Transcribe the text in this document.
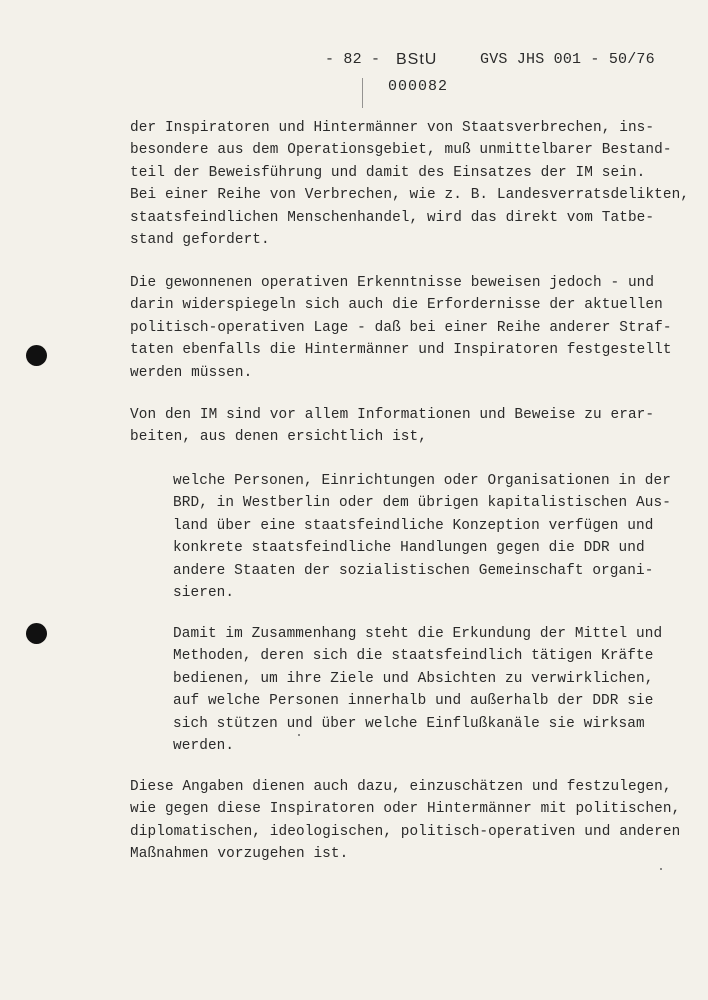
- 82 - BStU	GVS JHS 001 - 50/76
000082
der Inspiratoren und Hintermänner von Staatsverbrechen, ins-
besondere aus dem Operationsgebiet, muß unmittelbarer Bestand-
teil der Beweisführung und damit des Einsatzes der IM sein.
Bei einer Reihe von Verbrechen, wie z. B. Landesverratsdelikten,
staatsfeindlichen Menschenhandel, wird das direkt vom Tatbe-
stand gefordert.
Die gewonnenen operativen Erkenntnisse beweisen jedoch - und
darin widerspiegeln sich auch die Erfordernisse der aktuellen
politisch-operativen Lage - daß bei einer Reihe anderer Straf-
taten ebenfalls die Hintermänner und Inspiratoren festgestellt
werden müssen.
Von den IM sind vor allem Informationen und Beweise zu erar-
beiten, aus denen ersichtlich ist,
welche Personen, Einrichtungen oder Organisationen in der
BRD, in Westberlin oder dem übrigen kapitalistischen Aus-
land über eine staatsfeindliche Konzeption verfügen und
konkrete staatsfeindliche Handlungen gegen die DDR und
andere Staaten der sozialistischen Gemeinschaft organi-
sieren.
Damit im Zusammenhang steht die Erkundung der Mittel und
Methoden, deren sich die staatsfeindlich tätigen Kräfte
bedienen, um ihre Ziele und Absichten zu verwirklichen,
auf welche Personen innerhalb und außerhalb der DDR sie
sich stützen und über welche Einflußkanäle sie wirksam
werden.
Diese Angaben dienen auch dazu, einzuschätzen und festzulegen,
wie gegen diese Inspiratoren oder Hintermänner mit politischen,
diplomatischen, ideologischen, politisch-operativen und anderen
Maßnahmen vorzugehen ist.
